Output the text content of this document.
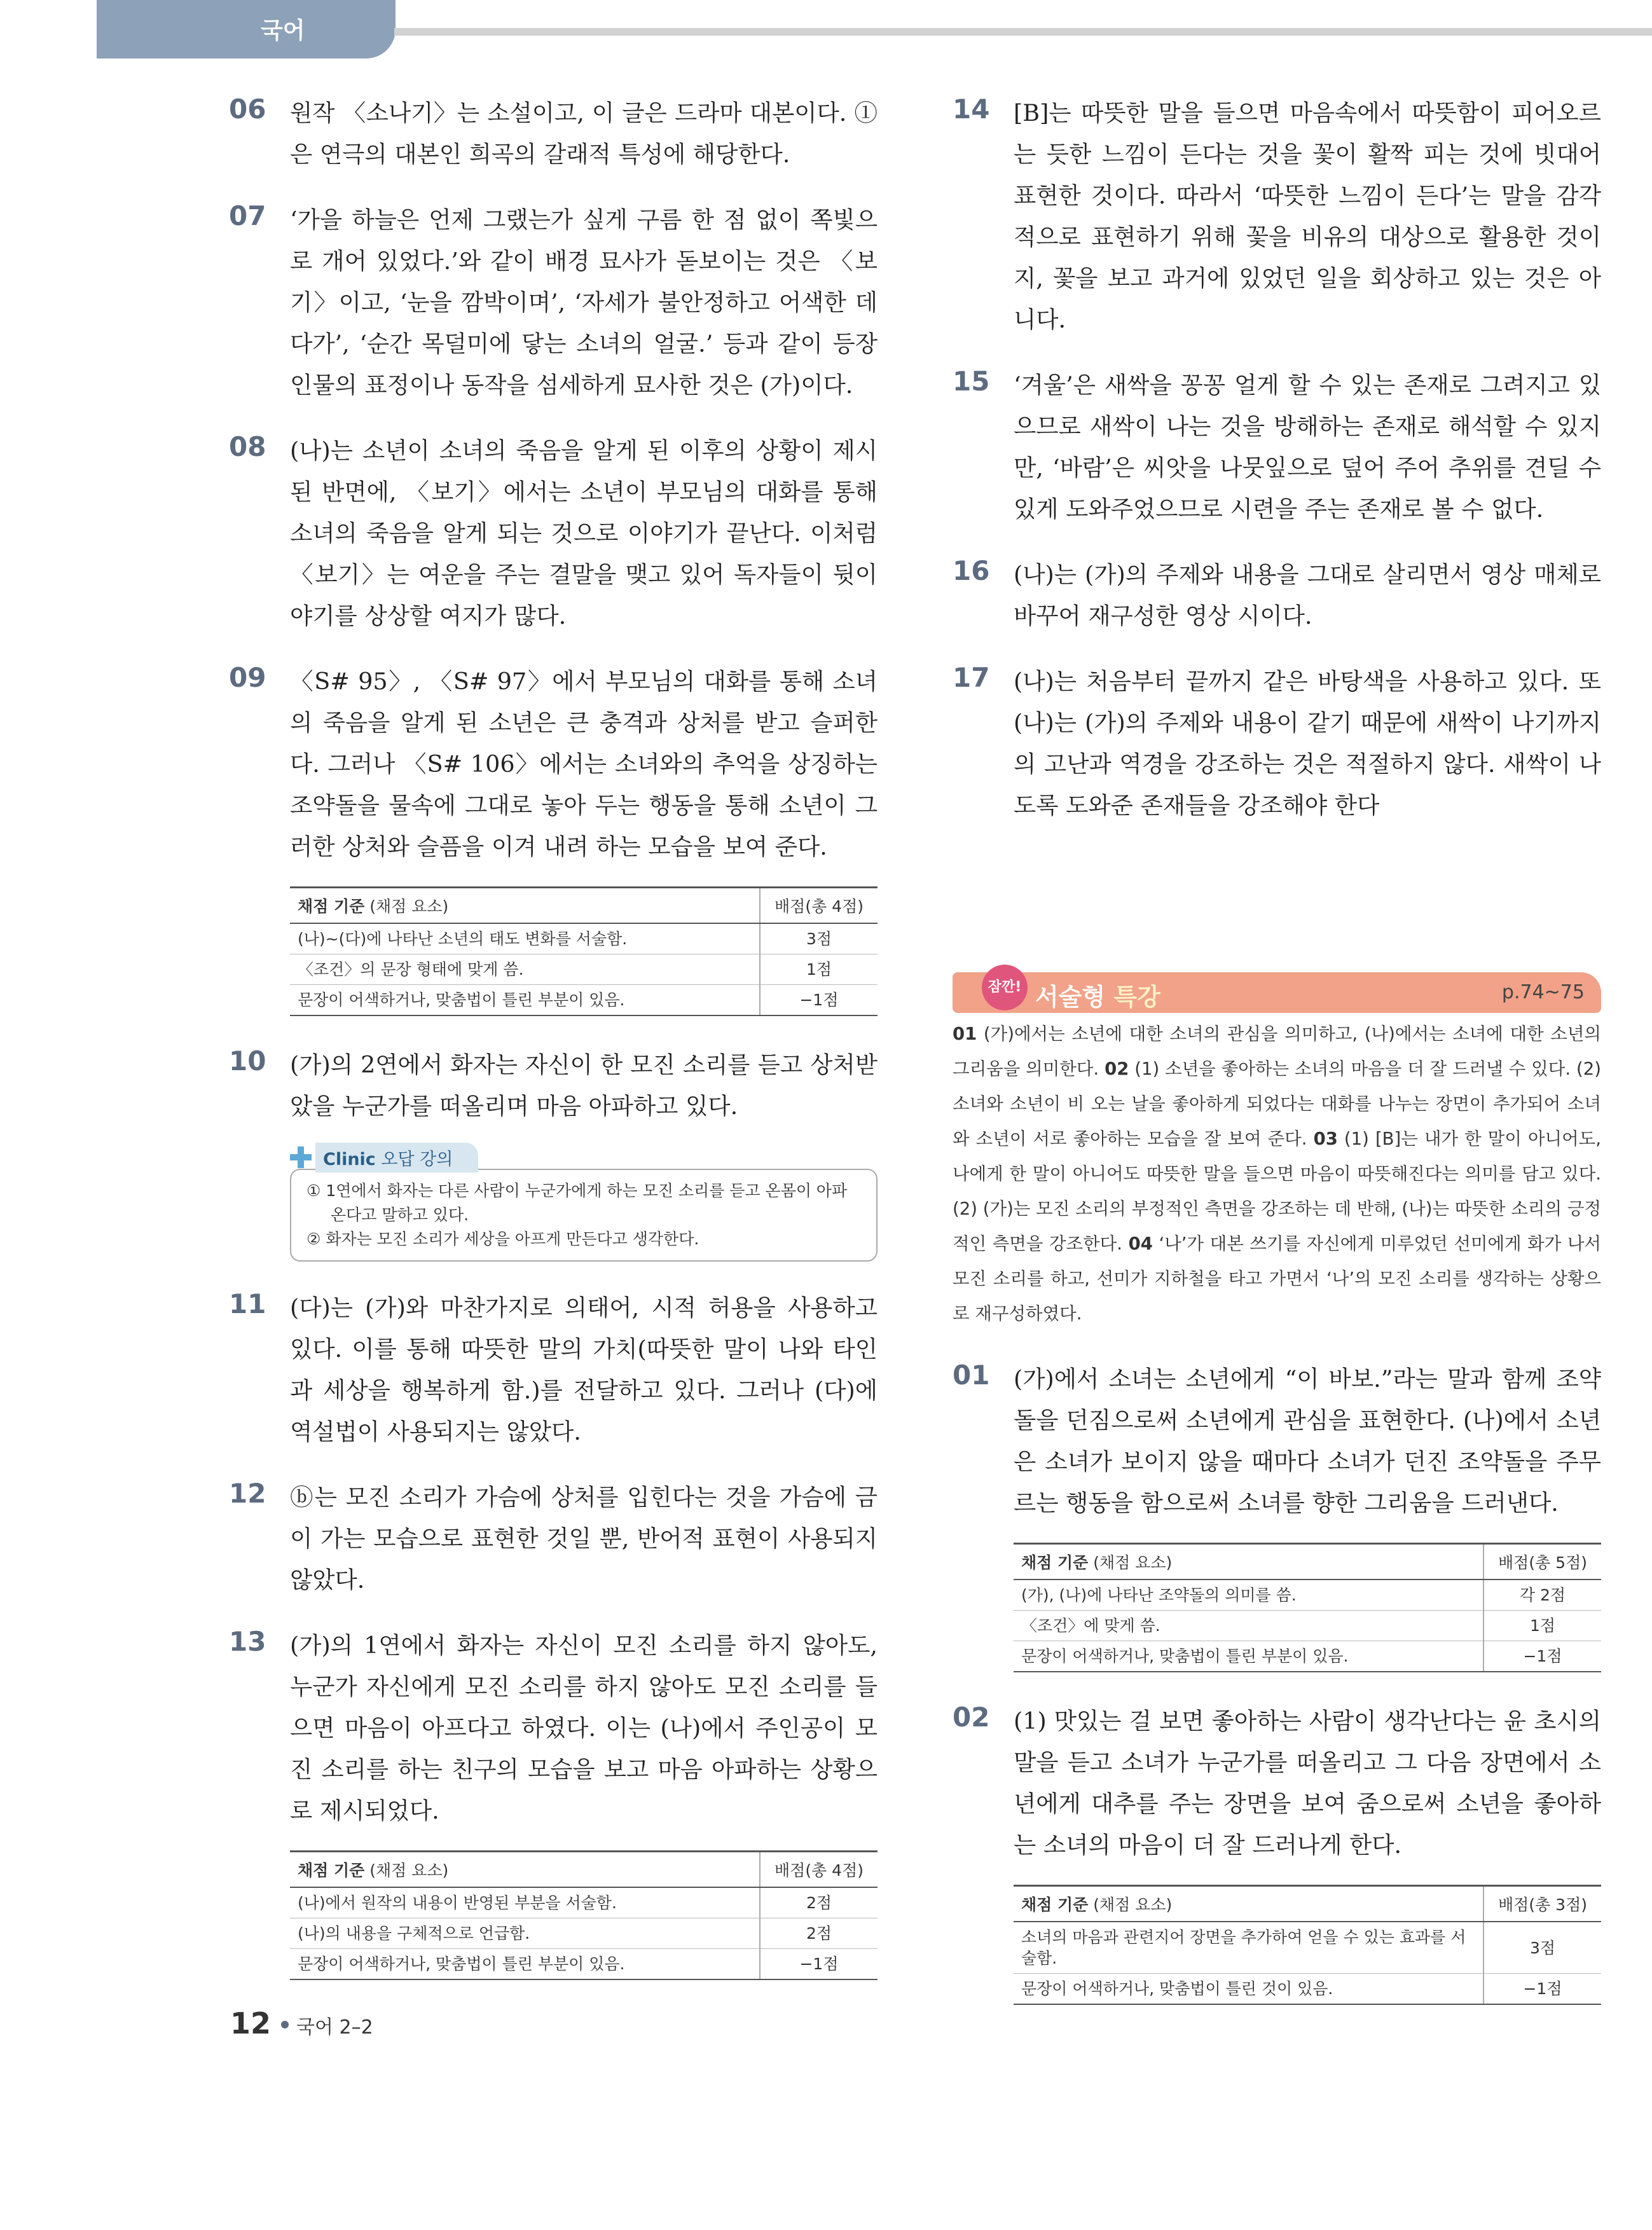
국어
06 원작 〈소나기〉는 소설이고, 이 글은 드라마 대본이다. ①은 연극의 대본인 희곡의 갈래적 특성에 해당한다.
07 ‘가을 하늘은 언제 그랬는가 싶게 구름 한 점 없이 쪽빛으로 개어 있었다.’와 같이 배경 묘사가 돋보이는 것은 〈보기〉이고, ‘눈을 깜박이며’, ‘자세가 불안정하고 어색한 데다가’, ‘순간 목덜미에 닿는 소녀의 얼굴.’ 등과 같이 등장인물의 표정이나 동작을 섬세하게 묘사한 것은 (가)이다.
08 (나)는 소년이 소녀의 죽음을 알게 된 이후의 상황이 제시된 반면에, 〈보기〉에서는 소년이 부모님의 대화를 통해 소녀의 죽음을 알게 되는 것으로 이야기가 끝난다. 이처럼 〈보기〉는 여운을 주는 결말을 맺고 있어 독자들이 뒷이야기를 상상할 여지가 많다.
09 〈S# 95〉, 〈S# 97〉에서 부모님의 대화를 통해 소녀의 죽음을 알게 된 소년은 큰 충격과 상처를 받고 슬퍼한다. 그러나 〈S# 106〉에서는 소녀와의 추억을 상징하는 조약돌을 물속에 그대로 놓아 두는 행동을 통해 소년이 그러한 상처와 슬픔을 이겨 내려 하는 모습을 보여 준다.
채점 기준 (채점 요소)	배점(총 4점)
(나)~(다)에 나타난 소년의 태도 변화를 서술함.	3점
〈조건〉의 문장 형태에 맞게 씀.	1점
문장이 어색하거나, 맞춤법이 틀린 부분이 있음.	−1점
10 (가)의 2연에서 화자는 자신이 한 모진 소리를 듣고 상처받았을 누군가를 떠올리며 마음 아파하고 있다.
Clinic 오답 강의

① 1연에서 화자는 다른 사람이 누군가에게 하는 모진 소리를 듣고 온몸이 아파 온다고 말하고 있다.

② 화자는 모진 소리가 세상을 아프게 만든다고 생각한다.

11 (다)는 (가)와 마찬가지로 의태어, 시적 허용을 사용하고 있다. 이를 통해 따뜻한 말의 가치(따뜻한 말이 나와 타인과 세상을 행복하게 함.)를 전달하고 있다. 그러나 (다)에 역설법이 사용되지는 않았다.
12 ⓑ는 모진 소리가 가슴에 상처를 입힌다는 것을 가슴에 금이 가는 모습으로 표현한 것일 뿐, 반어적 표현이 사용되지 않았다.
13 (가)의 1연에서 화자는 자신이 모진 소리를 하지 않아도, 누군가 자신에게 모진 소리를 하지 않아도 모진 소리를 들으면 마음이 아프다고 하였다. 이는 (나)에서 주인공이 모진 소리를 하는 친구의 모습을 보고 마음 아파하는 상황으로 제시되었다.
채점 기준 (채점 요소)	배점(총 4점)
(나)에서 원작의 내용이 반영된 부분을 서술함.	2점
(나)의 내용을 구체적으로 언급함.	2점
문장이 어색하거나, 맞춤법이 틀린 부분이 있음.	−1점
14 [B]는 따뜻한 말을 들으면 마음속에서 따뜻함이 피어오르는 듯한 느낌이 든다는 것을 꽃이 활짝 피는 것에 빗대어 표현한 것이다. 따라서 ‘따뜻한 느낌이 든다’는 말을 감각적으로 표현하기 위해 꽃을 비유의 대상으로 활용한 것이지, 꽃을 보고 과거에 있었던 일을 회상하고 있는 것은 아니다.
15 ‘겨울’은 새싹을 꽁꽁 얼게 할 수 있는 존재로 그려지고 있으므로 새싹이 나는 것을 방해하는 존재로 해석할 수 있지만, ‘바람’은 씨앗을 나뭇잎으로 덮어 주어 추위를 견딜 수 있게 도와주었으므로 시련을 주는 존재로 볼 수 없다.
16 (나)는 (가)의 주제와 내용을 그대로 살리면서 영상 매체로 바꾸어 재구성한 영상 시이다.
17 (나)는 처음부터 끝까지 같은 바탕색을 사용하고 있다. 또 (나)는 (가)의 주제와 내용이 같기 때문에 새싹이 나기까지의 고난과 역경을 강조하는 것은 적절하지 않다. 새싹이 나도록 도와준 존재들을 강조해야 한다
잠깐! 서술형 특강	p.74~75
01 (가)에서는 소년에 대한 소녀의 관심을 의미하고, (나)에서는 소녀에 대한 소년의 그리움을 의미한다. 02 (1) 소년을 좋아하는 소녀의 마음을 더 잘 드러낼 수 있다. (2) 소녀와 소년이 비 오는 날을 좋아하게 되었다는 대화를 나누는 장면이 추가되어 소녀와 소년이 서로 좋아하는 모습을 잘 보여 준다. 03 (1) [B]는 내가 한 말이 아니어도, 나에게 한 말이 아니어도 따뜻한 말을 들으면 마음이 따뜻해진다는 의미를 담고 있다. (2) (가)는 모진 소리의 부정적인 측면을 강조하는 데 반해, (나)는 따뜻한 소리의 긍정적인 측면을 강조한다. 04 ‘나’가 대본 쓰기를 자신에게 미루었던 선미에게 화가 나서 모진 소리를 하고, 선미가 지하철을 타고 가면서 ‘나’의 모진 소리를 생각하는 상황으로 재구성하였다.
01 (가)에서 소녀는 소년에게 “이 바보.”라는 말과 함께 조약돌을 던짐으로써 소년에게 관심을 표현한다. (나)에서 소년은 소녀가 보이지 않을 때마다 소녀가 던진 조약돌을 주무르는 행동을 함으로써 소녀를 향한 그리움을 드러낸다.
채점 기준 (채점 요소)	배점(총 5점)
(가), (나)에 나타난 조약돌의 의미를 씀.	각 2점
〈조건〉에 맞게 씀.	1점
문장이 어색하거나, 맞춤법이 틀린 부분이 있음.	−1점
02 (1) 맛있는 걸 보면 좋아하는 사람이 생각난다는 윤 초시의 말을 듣고 소녀가 누군가를 떠올리고 그 다음 장면에서 소년에게 대추를 주는 장면을 보여 줌으로써 소년을 좋아하는 소녀의 마음이 더 잘 드러나게 한다.
채점 기준 (채점 요소)	배점(총 3점)
소녀의 마음과 관련지어 장면을 추가하여 얻을 수 있는 효과를 서술함.	3점
문장이 어색하거나, 맞춤법이 틀린 것이 있음.	−1점
12 국어 2–2
